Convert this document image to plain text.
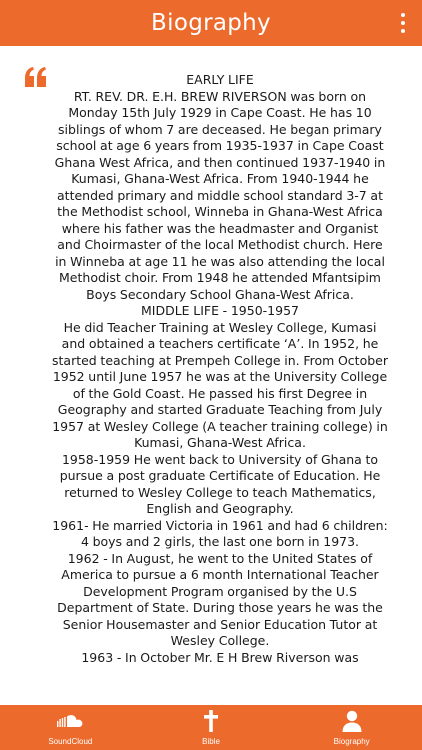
Biography
EARLY LIFE
RT. REV. DR. E.H. BREW RIVERSON was born on Monday 15th July 1929 in Cape Coast. He has 10 siblings of whom 7 are deceased. He began primary school at age 6 years from 1935-1937 in Cape Coast Ghana West Africa, and then continued 1937-1940 in Kumasi, Ghana-West Africa. From 1940-1944 he attended primary and middle school standard 3-7 at the Methodist school, Winneba in Ghana-West Africa where his father was the headmaster and Organist and Choirmaster of the local Methodist church. Here in Winneba at age 11 he was also attending the local Methodist choir. From 1948 he attended Mfantsipim Boys Secondary School Ghana-West Africa.
MIDDLE LIFE - 1950-1957
He did Teacher Training at Wesley College, Kumasi and obtained a teachers certificate ‘A’. In 1952, he started teaching at Prempeh College in. From October 1952 until June 1957 he was at the University College of the Gold Coast. He passed his first Degree in Geography and started Graduate Teaching from July 1957 at Wesley College (A teacher training college) in Kumasi, Ghana-West Africa.
1958-1959 He went back to University of Ghana to pursue a post graduate Certificate of Education. He returned to Wesley College to teach Mathematics, English and Geography.
1961- He married Victoria in 1961 and had 6 children: 4 boys and 2 girls, the last one born in 1973.
1962 - In August, he went to the United States of America to pursue a 6 month International Teacher Development Program organised by the U.S Department of State. During those years he was the Senior Housemaster and Senior Education Tutor at Wesley College.
1963 - In October Mr. E H Brew Riverson was
SoundCloud	Bible	Biography
